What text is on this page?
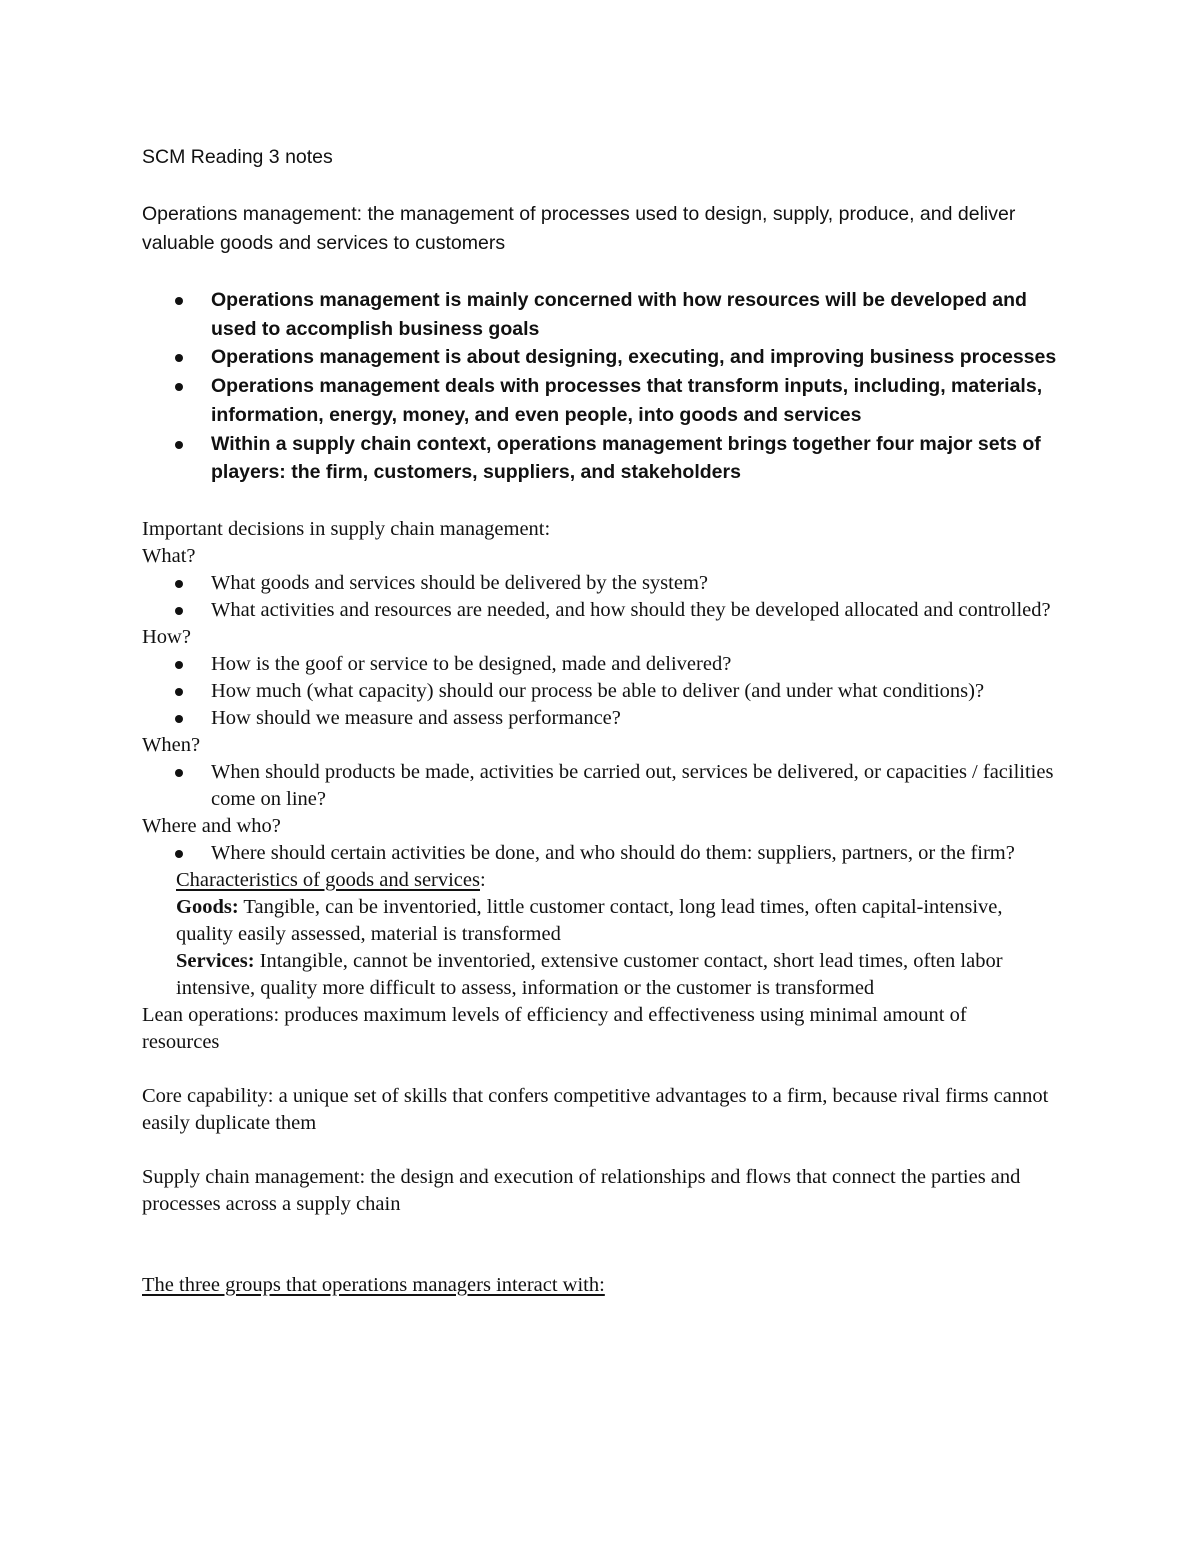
SCM Reading 3 notes

Operations management: the management of processes used to design, supply, produce, and deliver valuable goods and services to customers

Operations management is mainly concerned with how resources will be developed and used to accomplish business goals
Operations management is about designing, executing, and improving business processes
Operations management deals with processes that transform inputs, including, materials, information, energy, money, and even people, into goods and services
Within a supply chain context, operations management brings together four major sets of players: the firm, customers, suppliers, and stakeholders
Important decisions in supply chain management:
What?
What goods and services should be delivered by the system?
What activities and resources are needed, and how should they be developed allocated and controlled?
How?
How is the goof or service to be designed, made and delivered?
How much (what capacity) should our process be able to deliver (and under what conditions)?
How should we measure and assess performance?
When?
When should products be made, activities be carried out, services be delivered, or capacities / facilities come on line?
Where and who?
Where should certain activities be done, and who should do them: suppliers, partners, or the firm?
Characteristics of goods and services:
Goods: Tangible, can be inventoried, little customer contact, long lead times, often capital-intensive, quality easily assessed, material is transformed
Services: Intangible, cannot be inventoried, extensive customer contact, short lead times, often labor intensive, quality more difficult to assess, information or the customer is transformed
Lean operations: produces maximum levels of efficiency and effectiveness using minimal amount of resources
Core capability: a unique set of skills that confers competitive advantages to a firm, because rival firms cannot easily duplicate them
Supply chain management: the design and execution of relationships and flows that connect the parties and processes across a supply chain
The three groups that operations managers interact with:
